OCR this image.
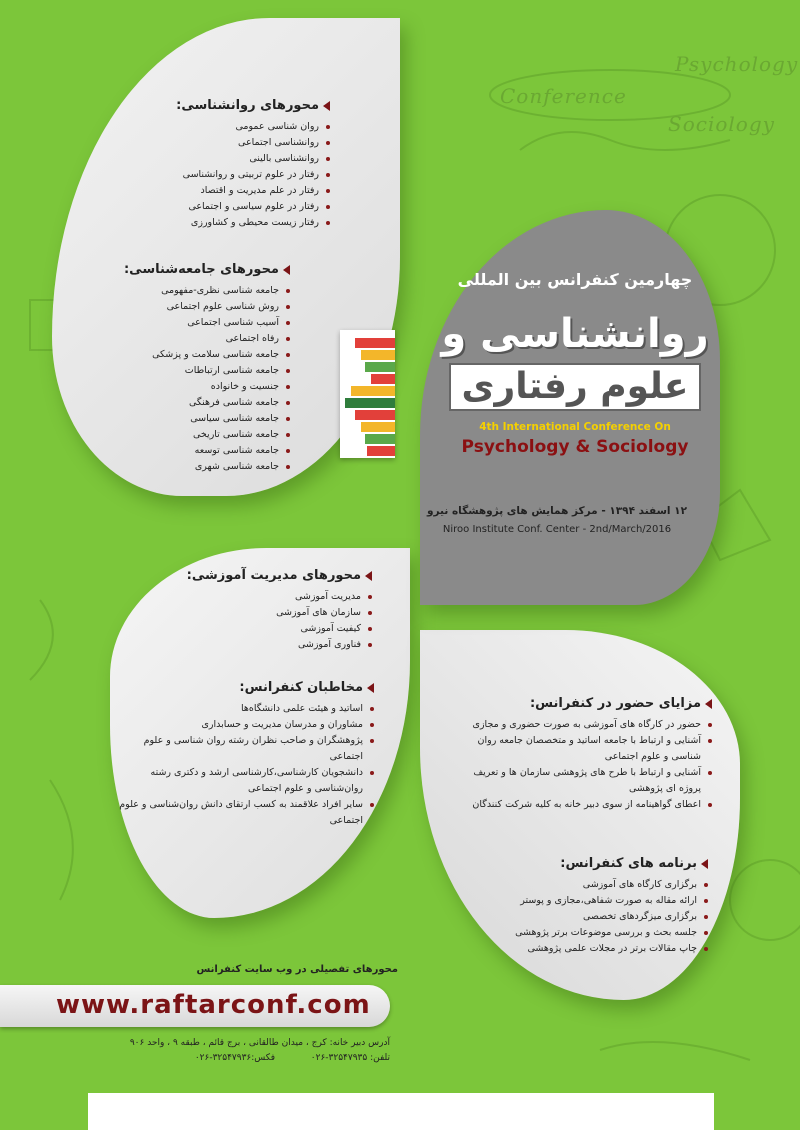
Conference
Psychology
Sociology
محورهای روانشناسی:
روان شناسی عمومی
روانشناسی اجتماعی
روانشناسی بالینی
رفتار در علوم تربیتی و روانشناسی
رفتار در علم مدیریت و اقتصاد
رفتار در علوم سیاسی و اجتماعی
رفتار زیست محیطی و کشاورزی
محورهای جامعه‌شناسی:
جامعه شناسی نظری-مفهومی
روش شناسی علوم اجتماعی
آسیب شناسی اجتماعی
رفاه اجتماعی
جامعه شناسی سلامت و پزشکی
جامعه شناسی ارتباطات
جنسیت و خانواده
جامعه شناسی فرهنگی
جامعه شناسی سیاسی
جامعه شناسی تاریخی
جامعه شناسی توسعه
جامعه شناسی شهری
چهارمین کنفرانس بین المللی
روانشناسی و
علوم رفتاری
4th International Conference On
Psychology & Sociology
۱۲ اسفند ۱۳۹۴ - مرکز همایش های پژوهشگاه نیرو
Niroo Institute Conf. Center - 2nd/March/2016
محورهای مدیریت آموزشی:
مدیریت آموزشی
سازمان های آموزشی
کیفیت آموزشی
فناوری آموزشی
مخاطبان کنفرانس:
اساتید و هیئت علمی دانشگاه‌ها
مشاوران و مدرسان مدیریت و حسابداری
پژوهشگران و صاحب نظران رشته روان شناسی و علوم اجتماعی
دانشجویان کارشناسی،کارشناسی ارشد و دکتری رشته روان‌شناسی و علوم اجتماعی
سایر افراد علاقمند به کسب ارتقای دانش روان‌شناسی و علوم اجتماعی
مزایای حضور در کنفرانس:
حضور در کارگاه های آموزشی به صورت حضوری و مجازی
آشنایی و ارتباط با جامعه اساتید و متخصصان جامعه روان شناسی و علوم اجتماعی
آشنایی و ارتباط با طرح های پژوهشی سازمان ها و تعریف پروژه ای پژوهشی
اعطای گواهینامه از سوی دبیر خانه به کلیه شرکت کنندگان
برنامه های کنفرانس:
برگزاری کارگاه های آموزشی
ارائه مقاله به صورت شفاهی،مجازی و پوستر
برگزاری میزگردهای تخصصی
جلسه بحث و بررسی موضوعات برتر پژوهشی
چاپ مقالات برتر در مجلات علمی پژوهشی
محورهای تفصیلی در وب سایت کنفرانس
www.raftarconf.com
آدرس دبیر خانه: کرج ، میدان طالقانی ، برج قائم ، طبقه ۹ ، واحد ۹۰۶
تلفن: ۳۲۵۴۷۹۳۵-۰۲۶  فکس:۳۲۵۴۷۹۳۶-۰۲۶
